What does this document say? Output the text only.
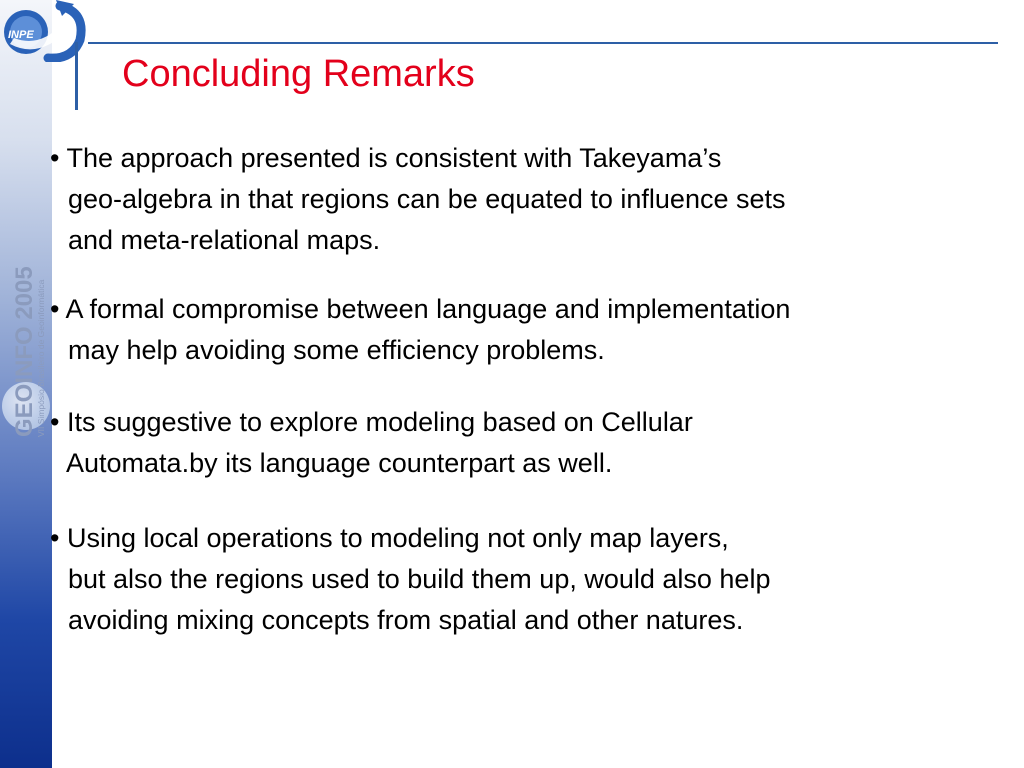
INPE
GEOINFO 2005
VII Simpósio Brasileiro de Geoinformática
Concluding Remarks
• The approach presented is consistent with Takeyama’s
geo-algebra in that regions can be equated to influence sets
and meta-relational maps.
• A formal compromise between language and implementation
may help avoiding some efficiency problems.
• Its suggestive to explore modeling based on Cellular
Automata.by its language counterpart as well.
• Using local operations to modeling not only map layers,
but also the regions used to build them up, would also help
avoiding mixing concepts from spatial and other natures.
